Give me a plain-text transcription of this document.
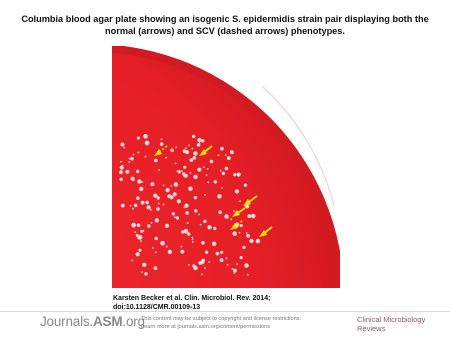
Columbia blood agar plate showing an isogenic S. epidermidis strain pair displaying both the normal (arrows) and SCV (dashed arrows) phenotypes.
Karsten Becker et al. Clin. Microbiol. Rev. 2014;
doi:10.1128/CMR.00109-13
Journals.ASM.org
This content may be subject to copyright and license restrictions.
Learn more at journals.asm.org/content/permissions
Clinical Microbiology
Reviews
